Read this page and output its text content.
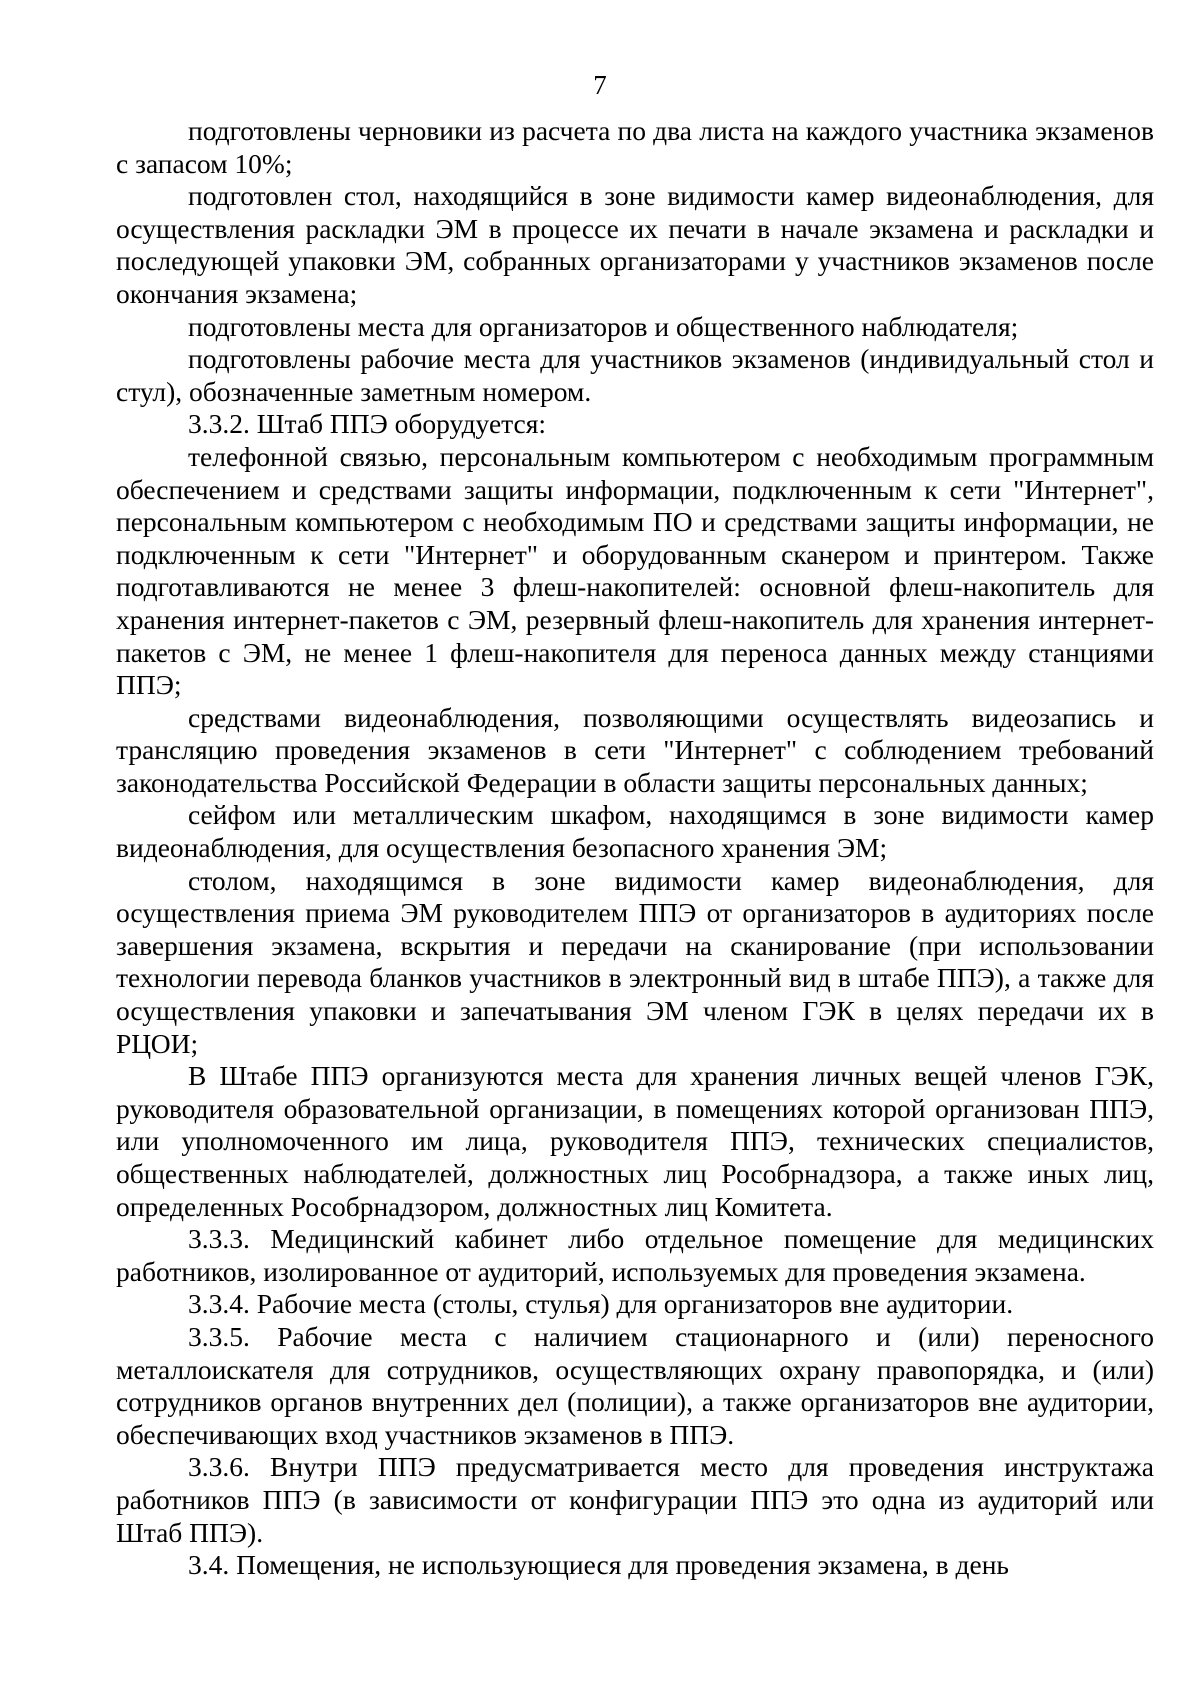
7

подготовлены черновики из расчета по два листа на каждого участника экзаменов с запасом 10%;

подготовлен стол, находящийся в зоне видимости камер видеонаблюдения, для осуществления раскладки ЭМ в процессе их печати в начале экзамена и раскладки и последующей упаковки ЭМ, собранных организаторами у участников экзаменов после окончания экзамена;

подготовлены места для организаторов и общественного наблюдателя;

подготовлены рабочие места для участников экзаменов (индивидуальный стол и стул), обозначенные заметным номером.

3.3.2. Штаб ППЭ оборудуется:

телефонной связью, персональным компьютером с необходимым программным обеспечением и средствами защиты информации, подключенным к сети "Интернет", персональным компьютером с необходимым ПО и средствами защиты информации, не подключенным к сети "Интернет" и оборудованным сканером и принтером. Также подготавливаются не менее 3 флеш-накопителей: основной флеш-накопитель для хранения интернет-пакетов с ЭМ, резервный флеш-накопитель для хранения интернет-пакетов с ЭМ, не менее 1 флеш-накопителя для переноса данных между станциями ППЭ;

средствами видеонаблюдения, позволяющими осуществлять видеозапись и трансляцию проведения экзаменов в сети "Интернет" с соблюдением требований законодательства Российской Федерации в области защиты персональных данных;

сейфом или металлическим шкафом, находящимся в зоне видимости камер видеонаблюдения, для осуществления безопасного хранения ЭМ;

столом, находящимся в зоне видимости камер видеонаблюдения, для осуществления приема ЭМ руководителем ППЭ от организаторов в аудиториях после завершения экзамена, вскрытия и передачи на сканирование (при использовании технологии перевода бланков участников в электронный вид в штабе ППЭ), а также для осуществления упаковки и запечатывания ЭМ членом ГЭК в целях передачи их в РЦОИ;

В Штабе ППЭ организуются места для хранения личных вещей членов ГЭК, руководителя образовательной организации, в помещениях которой организован ППЭ, или уполномоченного им лица, руководителя ППЭ, технических специалистов, общественных наблюдателей, должностных лиц Рособрнадзора, а также иных лиц, определенных Рособрнадзором, должностных лиц Комитета.

3.3.3. Медицинский кабинет либо отдельное помещение для медицинских работников, изолированное от аудиторий, используемых для проведения экзамена.

3.3.4. Рабочие места (столы, стулья) для организаторов вне аудитории.

3.3.5. Рабочие места с наличием стационарного и (или) переносного металлоискателя для сотрудников, осуществляющих охрану правопорядка, и (или) сотрудников органов внутренних дел (полиции), а также организаторов вне аудитории, обеспечивающих вход участников экзаменов в ППЭ.

3.3.6. Внутри ППЭ предусматривается место для проведения инструктажа работников ППЭ (в зависимости от конфигурации ППЭ это одна из аудиторий или Штаб ППЭ).

3.4. Помещения, не использующиеся для проведения экзамена, в день
